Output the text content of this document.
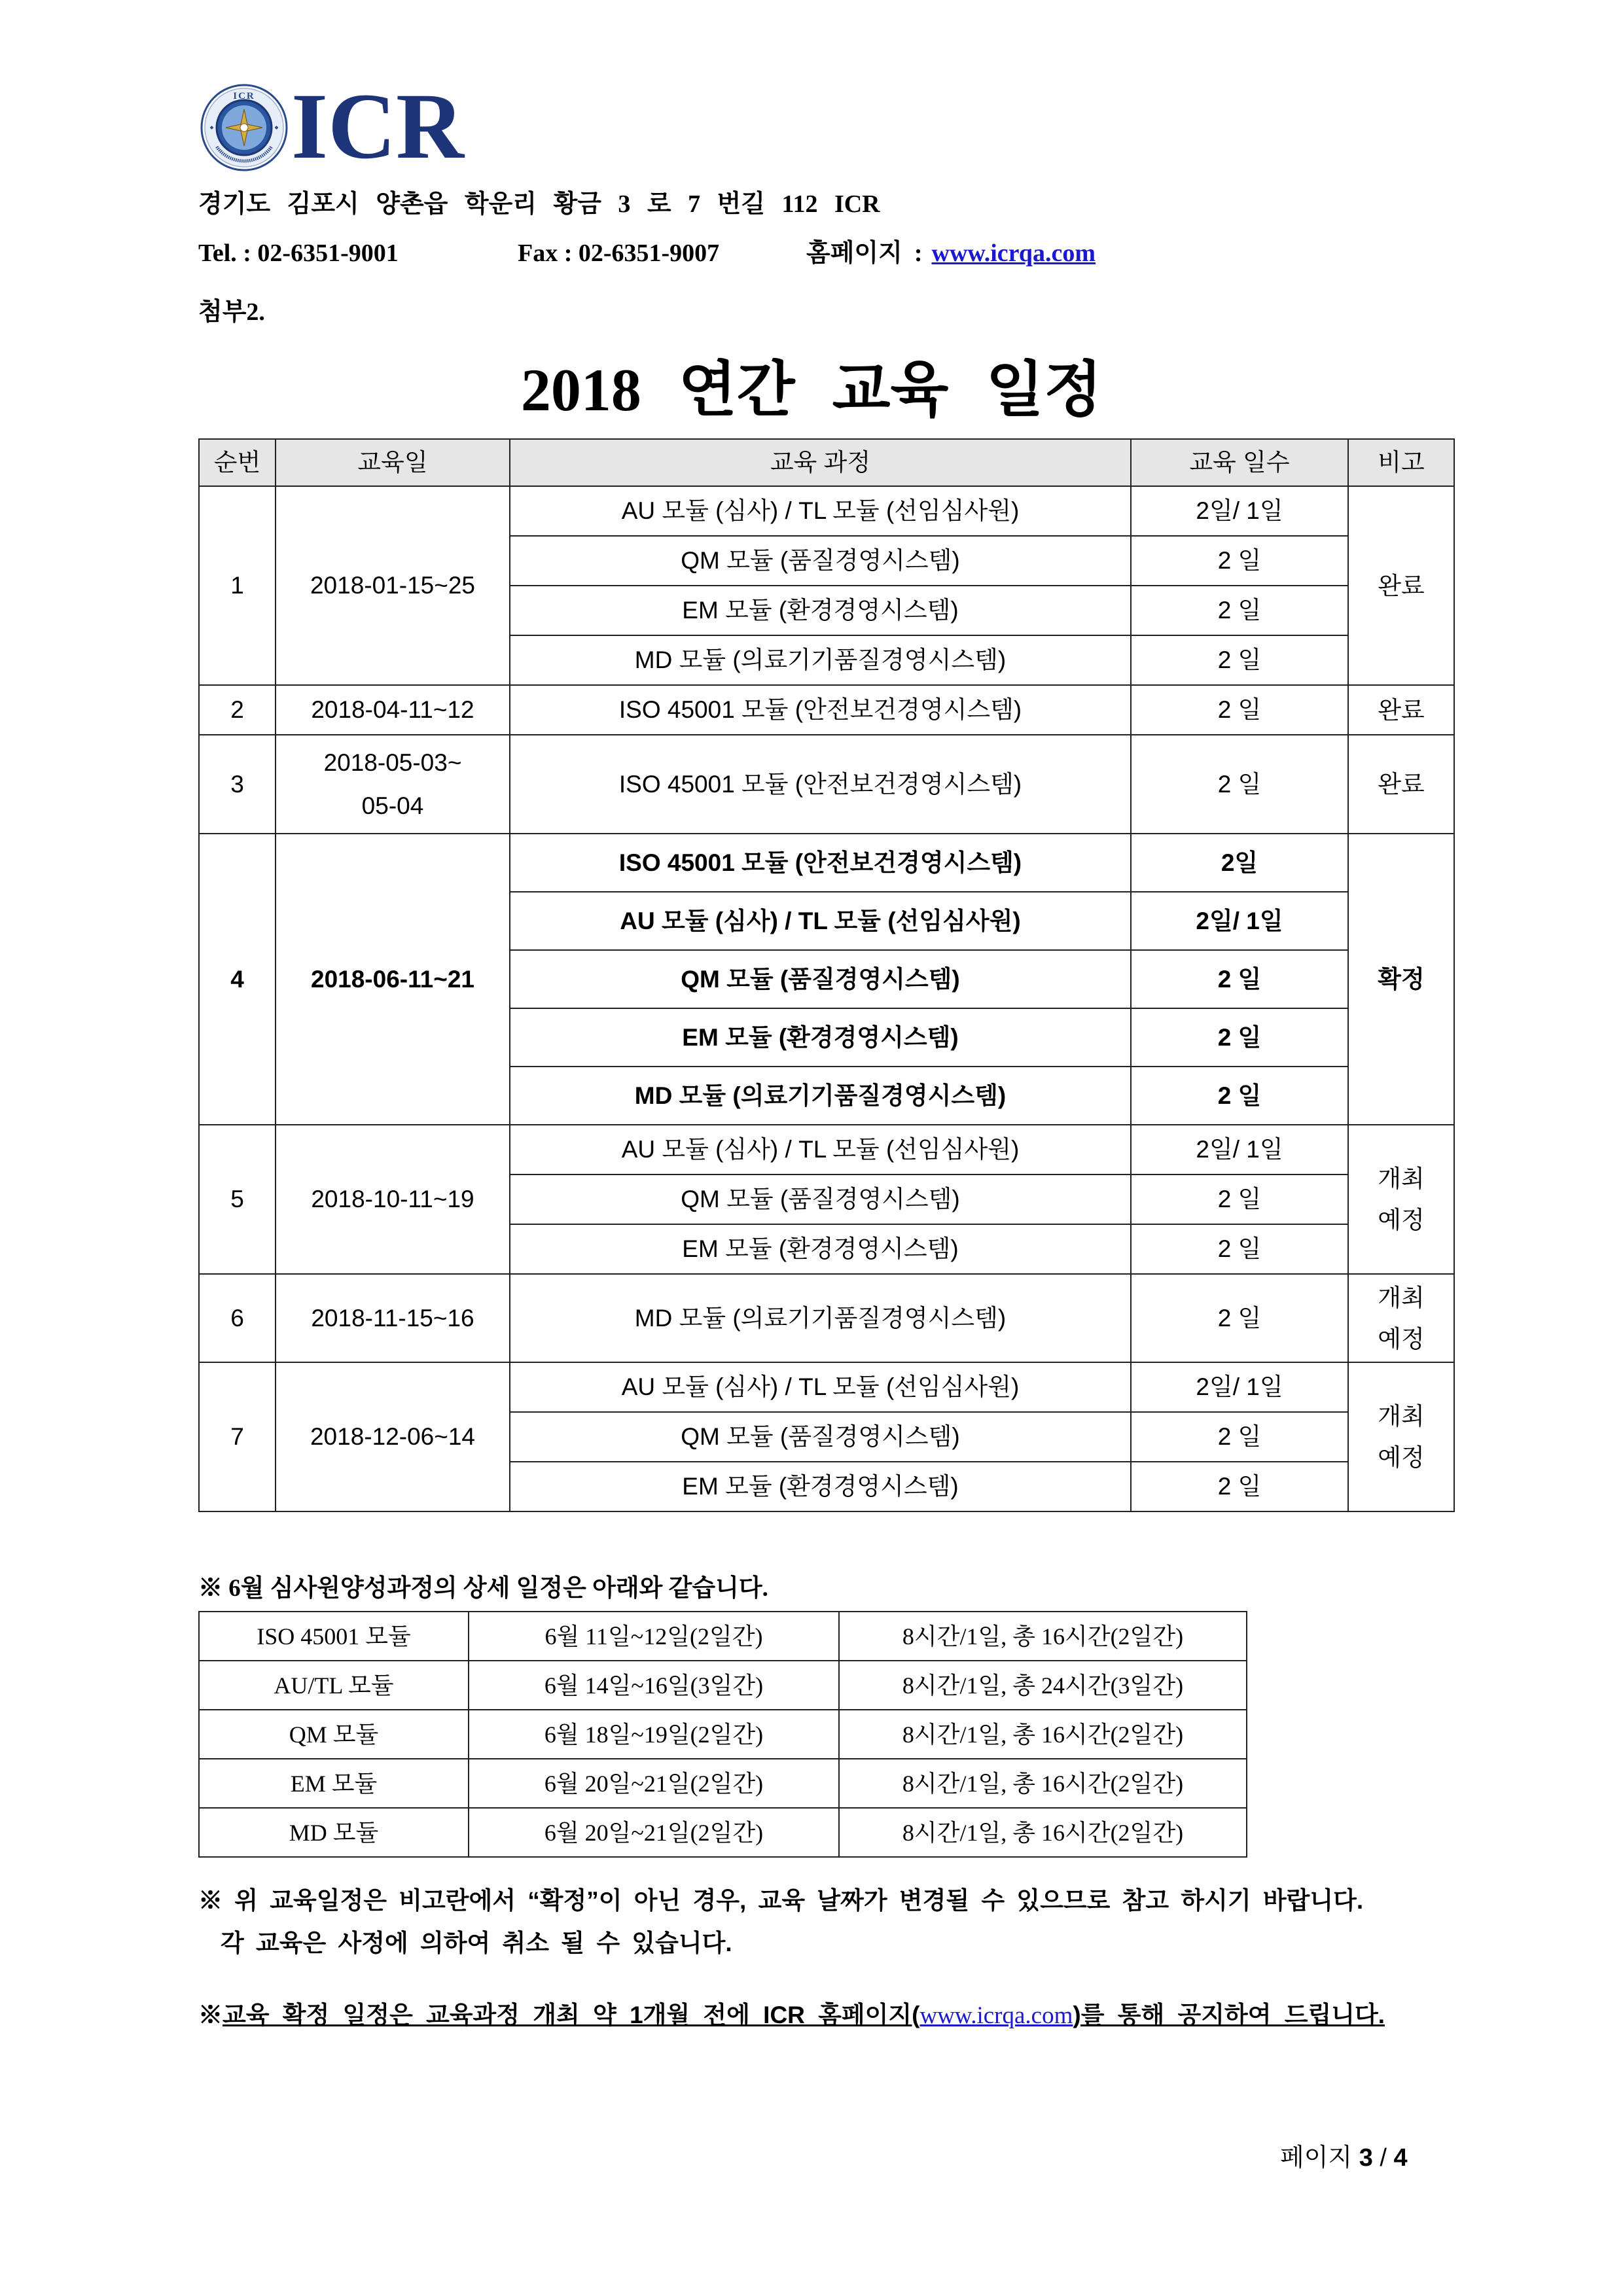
ICR ICR
경기도 김포시 양촌읍 학운리 황금 3 로 7 번길 112 ICR
Tel. : 02-6351-9001	Fax : 02-6351-9007	홈페이지 : www.icrqa.com
첨부2.
2018 연간 교육 일정
순번	교육일	교육 과정	교육 일수	비고
1	2018-01-15~25	AU 모듈 (심사) / TL 모듈 (선임심사원)	2일/ 1일	완료
		QM 모듈 (품질경영시스템)	2 일	
		EM 모듈 (환경경영시스템)	2 일	
		MD 모듈 (의료기기품질경영시스템)	2 일	
2	2018-04-11~12	ISO 45001 모듈 (안전보건경영시스템)	2 일	완료
3	2018-05-03~
05-04	ISO 45001 모듈 (안전보건경영시스템)	2 일	완료
4	2018-06-11~21	ISO 45001 모듈 (안전보건경영시스템)	2일	확정
		AU 모듈 (심사) / TL 모듈 (선임심사원)	2일/ 1일	
		QM 모듈 (품질경영시스템)	2 일	
		EM 모듈 (환경경영시스템)	2 일	
		MD 모듈 (의료기기품질경영시스템)	2 일	
5	2018-10-11~19	AU 모듈 (심사) / TL 모듈 (선임심사원)	2일/ 1일	개최 예정
		QM 모듈 (품질경영시스템)	2 일	
		EM 모듈 (환경경영시스템)	2 일	
6	2018-11-15~16	MD 모듈 (의료기기품질경영시스템)	2 일	개최 예정
7	2018-12-06~14	AU 모듈 (심사) / TL 모듈 (선임심사원)	2일/ 1일	개최 예정
		QM 모듈 (품질경영시스템)	2 일	
		EM 모듈 (환경경영시스템)	2 일	
※ 6월 심사원양성과정의 상세 일정은 아래와 같습니다.
ISO 45001 모듈	6월 11일~12일(2일간)	8시간/1일, 총 16시간(2일간)
AU/TL 모듈	6월 14일~16일(3일간)	8시간/1일, 총 24시간(3일간)
QM 모듈	6월 18일~19일(2일간)	8시간/1일, 총 16시간(2일간)
EM 모듈	6월 20일~21일(2일간)	8시간/1일, 총 16시간(2일간)
MD 모듈	6월 20일~21일(2일간)	8시간/1일, 총 16시간(2일간)
※ 위 교육일정은 비고란에서 “확정”이 아닌 경우, 교육 날짜가 변경될 수 있으므로 참고 하시기 바랍니다.
각 교육은 사정에 의하여 취소 될 수 있습니다.
※교육 확정 일정은 교육과정 개최 약 1개월 전에 ICR 홈페이지(www.icrqa.com)를 통해 공지하여 드립니다.
페이지 3 / 4
